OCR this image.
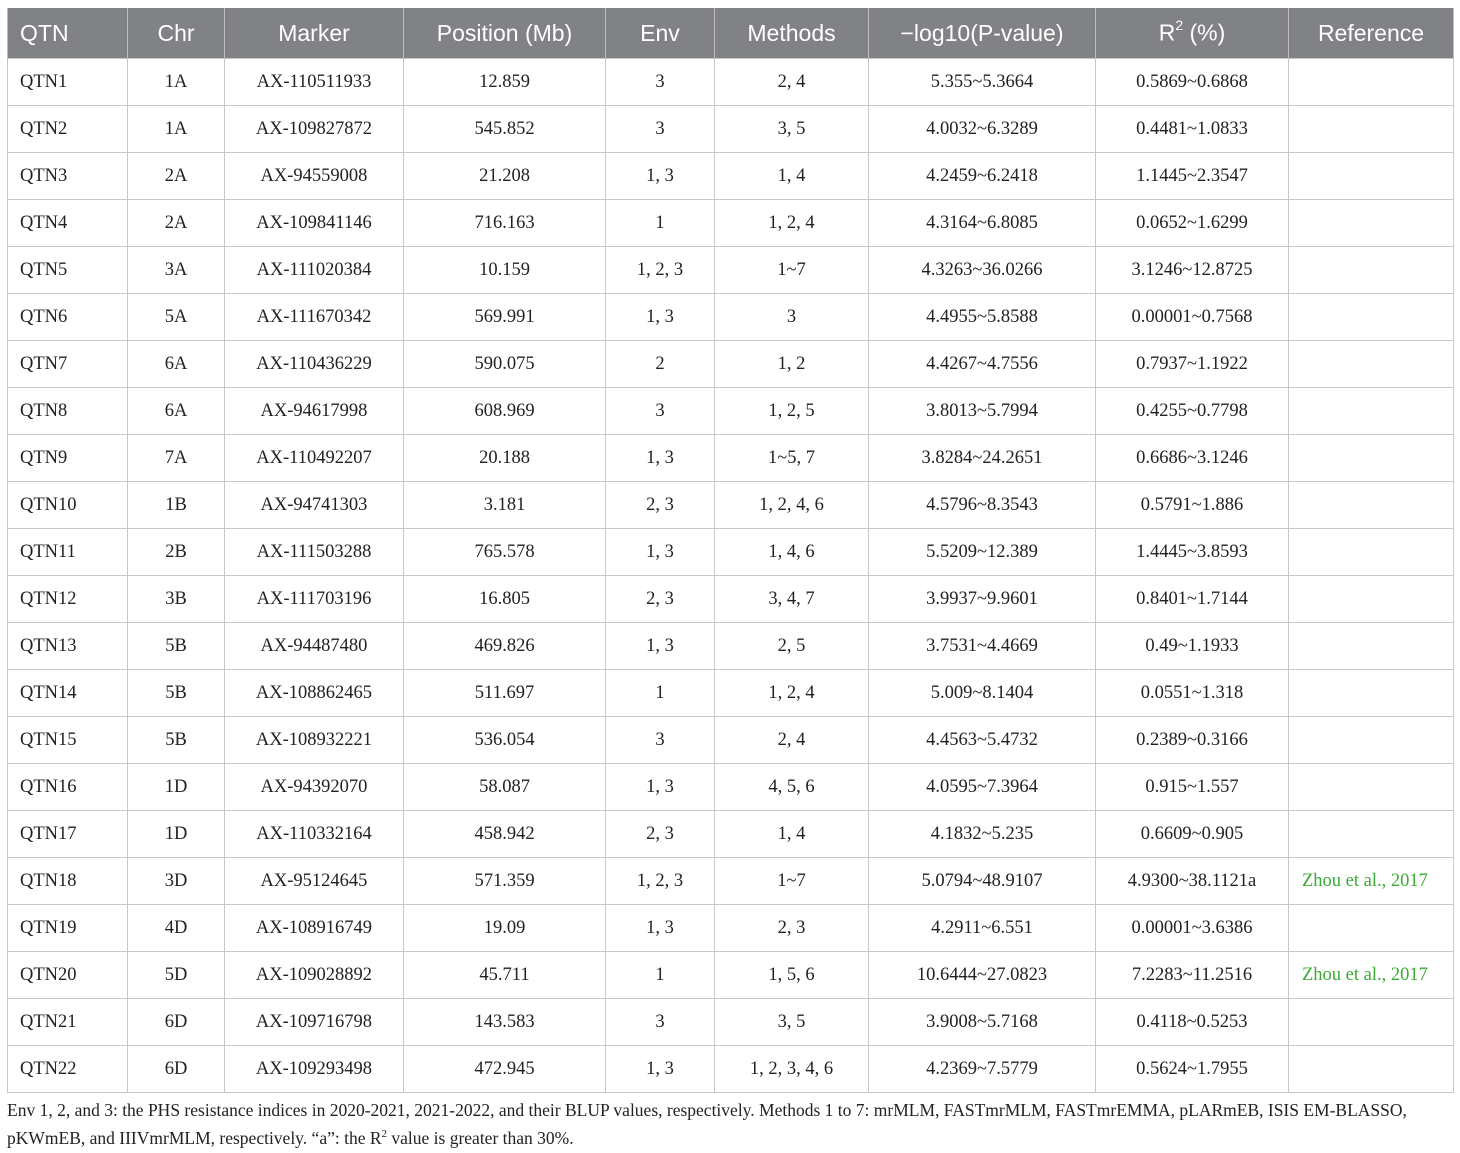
QTN	Chr	Marker	Position (Mb)	Env	Methods	−log10(P-value)	$R^2$ (%)	Reference
QTN1	1A	AX-110511933	12.859	3	2, 4	5.355~5.3664	0.5869~0.6868	
QTN2	1A	AX-109827872	545.852	3	3, 5	4.0032~6.3289	0.4481~1.0833	
QTN3	2A	AX-94559008	21.208	1, 3	1, 4	4.2459~6.2418	1.1445~2.3547	
QTN4	2A	AX-109841146	716.163	1	1, 2, 4	4.3164~6.8085	0.0652~1.6299	
QTN5	3A	AX-111020384	10.159	1, 2, 3	1~7	4.3263~36.0266	3.1246~12.8725	
QTN6	5A	AX-111670342	569.991	1, 3	3	4.4955~5.8588	0.00001~0.7568	
QTN7	6A	AX-110436229	590.075	2	1, 2	4.4267~4.7556	0.7937~1.1922	
QTN8	6A	AX-94617998	608.969	3	1, 2, 5	3.8013~5.7994	0.4255~0.7798	
QTN9	7A	AX-110492207	20.188	1, 3	1~5, 7	3.8284~24.2651	0.6686~3.1246	
QTN10	1B	AX-94741303	3.181	2, 3	1, 2, 4, 6	4.5796~8.3543	0.5791~1.886	
QTN11	2B	AX-111503288	765.578	1, 3	1, 4, 6	5.5209~12.389	1.4445~3.8593	
QTN12	3B	AX-111703196	16.805	2, 3	3, 4, 7	3.9937~9.9601	0.8401~1.7144	
QTN13	5B	AX-94487480	469.826	1, 3	2, 5	3.7531~4.4669	0.49~1.1933	
QTN14	5B	AX-108862465	511.697	1	1, 2, 4	5.009~8.1404	0.0551~1.318	
QTN15	5B	AX-108932221	536.054	3	2, 4	4.4563~5.4732	0.2389~0.3166	
QTN16	1D	AX-94392070	58.087	1, 3	4, 5, 6	4.0595~7.3964	0.915~1.557	
QTN17	1D	AX-110332164	458.942	2, 3	1, 4	4.1832~5.235	0.6609~0.905	
QTN18	3D	AX-95124645	571.359	1, 2, 3	1~7	5.0794~48.9107	4.9300~38.1121a	Zhou et al., 2017
QTN19	4D	AX-108916749	19.09	1, 3	2, 3	4.2911~6.551	0.00001~3.6386	
QTN20	5D	AX-109028892	45.711	1	1, 5, 6	10.6444~27.0823	7.2283~11.2516	Zhou et al., 2017
QTN21	6D	AX-109716798	143.583	3	3, 5	3.9008~5.7168	0.4118~0.5253	
QTN22	6D	AX-109293498	472.945	1, 3	1, 2, 3, 4, 6	4.2369~7.5779	0.5624~1.7955	
Env 1, 2, and 3: the PHS resistance indices in 2020-2021, 2021-2022, and their BLUP values, respectively. Methods 1 to 7: mrMLM, FASTmrMLM, FASTmrEMMA, pLARmEB, ISIS EM-BLASSO, pKWmEB, and IIIVmrMLM, respectively. “a”: the $R^2$ value is greater than 30%.
